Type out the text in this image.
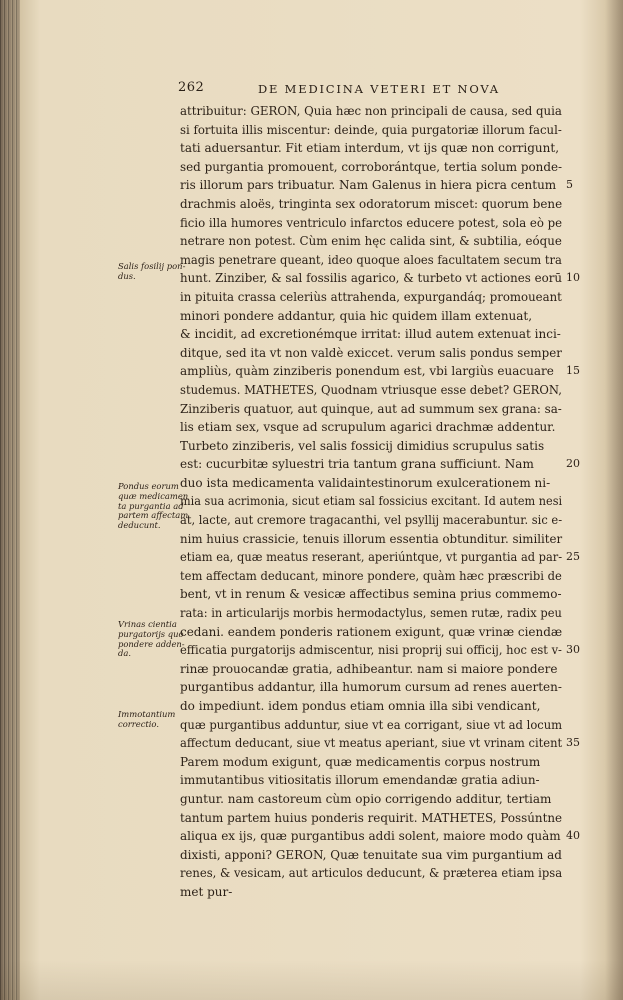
262	DE MEDICINA VETERI ET NOVA
Salis fosilij pon-
dus.
Pondus eorum
quæ medicamen
ta purgantia ad
partem affectam
deducunt.
Vrinas cientia
purgatorijs quo
pondere adden-
da.
Immotantium
correctio.
attribuitur: GERON, Quia hæc non principali de causa, sed quia
si fortuita illis miscentur: deinde, quia purgatoriæ illorum facul-
tati aduersantur. Fit etiam interdum, vt ijs quæ non corrigunt,
sed purgantia promouent, corroborántque, tertia solum ponde-
ris illorum pars tribuatur. Nam Galenus in hiera picra centum 5
drachmis aloës, tringinta sex odoratorum miscet: quorum bene
ficio illa humores ventriculo infarctos educere potest, sola eò pe
netrare non potest. Cùm enim hęc calida sint, & subtilia, eóque
magis penetrare queant, ideo quoque aloes facultatem secum tra
hunt. Zinziber, & sal fossilis agarico, & turbeto vt actiones eorū 10
in pituita crassa celeriùs attrahenda, expurgandáq; promoueant
minori pondere addantur, quia hic quidem illam extenuat,
& incidit, ad excretionémque irritat: illud autem extenuat inci-
ditque, sed ita vt non valdè exiccet. verum salis pondus semper
ampliùs, quàm zinziberis ponendum est, vbi largiùs euacuare 15
studemus. MATHETES, Quodnam vtriusque esse debet? GERON,
Zinziberis quatuor, aut quinque, aut ad summum sex grana: sa-
lis etiam sex, vsque ad scrupulum agarici drachmæ addentur.
Turbeto zinziberis, vel salis fossicij dimidius scrupulus satis
est: cucurbitæ syluestri tria tantum grana sufficiunt. Nam	20
duo ista medicamenta validaintestinorum exulcerationem ni-
mia sua acrimonia, sicut etiam sal fossicius excitant. Id autem nesi
at, lacte, aut cremore tragacanthi, vel psyllij macerabuntur. sic e-
nim huius crassicie, tenuis illorum essentia obtunditur. similiter
etiam ea, quæ meatus reserant, aperiúntque, vt purgantia ad par- 25
tem affectam deducant, minore pondere, quàm hæc præscribi de
bent, vt in renum & vesicæ affectibus semina prius commemo-
rata: in articularijs morbis hermodactylus, semen rutæ, radix peu
cedani. eandem ponderis rationem exigunt, quæ vrinæ ciendæ
efficatia purgatorijs admiscentur, nisi proprij sui officij, hoc est v- 30
rinæ prouocandæ gratia, adhibeantur. nam si maiore pondere
purgantibus addantur, illa humorum cursum ad renes auerten-
do impediunt. idem pondus etiam omnia illa sibi vendicant,
quæ purgantibus adduntur, siue vt ea corrigant, siue vt ad locum
affectum deducant, siue vt meatus aperiant, siue vt vrinam citent 35
Parem modum exigunt, quæ medicamentis corpus nostrum
immutantibus vitiositatis illorum emendandæ gratia adiun-
guntur. nam castoreum cùm opio corrigendo additur, tertiam
tantum partem huius ponderis requirit. MATHETES, Possúntne
aliqua ex ijs, quæ purgantibus addi solent, maiore modo quàm 40
dixisti, apponi? GERON, Quæ tenuitate sua vim purgantium ad
renes, & vesicam, aut articulos deducunt, & præterea etiam ipsa
met pur-
